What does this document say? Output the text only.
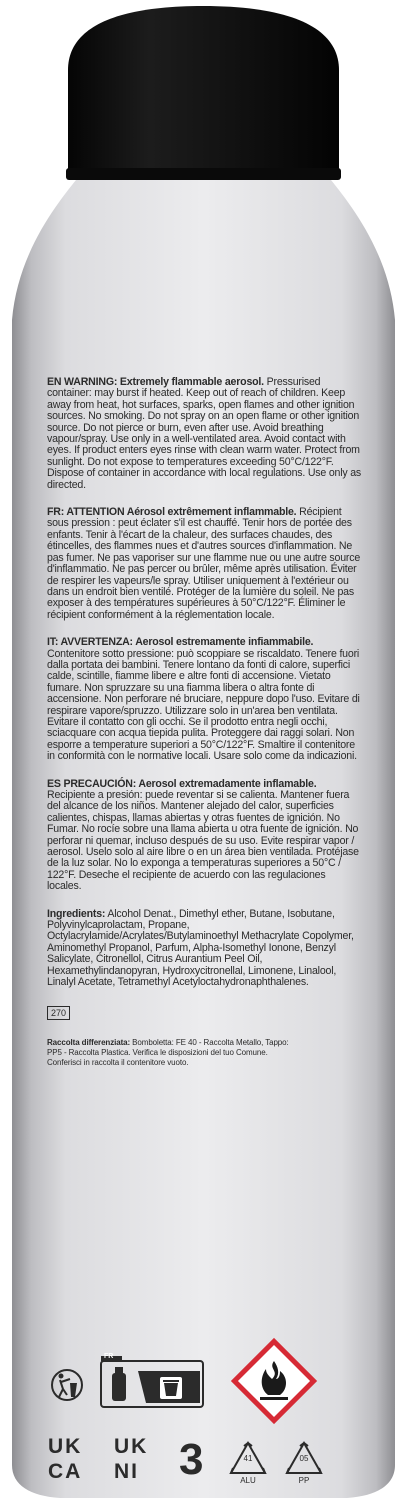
EN WARNING: Extremely flammable aerosol. Pressurised container: may burst if heated. Keep out of reach of children. Keep away from heat, hot surfaces, sparks, open flames and other ignition sources. No smoking. Do not spray on an open flame or other ignition source. Do not pierce or burn, even after use. Avoid breathing vapour/spray. Use only in a well-ventilated area. Avoid contact with eyes. If product enters eyes rinse with clean warm water. Protect from sunlight. Do not expose to temperatures exceeding 50°C/122°F. Dispose of container in accordance with local regulations. Use only as directed.
FR: ATTENTION Aérosol extrêmement inflammable. Récipient sous pression : peut éclater s'il est chauffé. Tenir hors de portée des enfants. Tenir à l'écart de la chaleur, des surfaces chaudes, des étincelles, des flammes nues et d'autres sources d'inflammation. Ne pas fumer. Ne pas vaporiser sur une flamme nue ou une autre source d'inflammatio. Ne pas percer ou brûler, même après utilisation. Éviter de respirer les vapeurs/le spray. Utiliser uniquement à l'extérieur ou dans un endroit bien ventilé. Protéger de la lumière du soleil. Ne pas exposer à des températures supérieures à 50°C/122°F. Éliminer le récipient conformément à la réglementation locale.
IT: AVVERTENZA: Aerosol estremamente infiammabile. Contenitore sotto pressione: può scoppiare se riscaldato. Tenere fuori dalla portata dei bambini. Tenere lontano da fonti di calore, superfici calde, scintille, fiamme libere e altre fonti di accensione. Vietato fumare. Non spruzzare su una fiamma libera o altra fonte di accensione. Non perforare né bruciare, neppure dopo l'uso. Evitare di respirare vapore/spruzzo. Utilizzare solo in un'area ben ventilata. Evitare il contatto con gli occhi. Se il prodotto entra negli occhi, sciacquare con acqua tiepida pulita. Proteggere dai raggi solari. Non esporre a temperature superiori a 50°C/122°F. Smaltire il contenitore in conformità con le normative locali. Usare solo come da indicazioni.
ES PRECAUCIÓN: Aerosol extremadamente inflamable. Recipiente a presión: puede reventar si se calienta. Mantener fuera del alcance de los niños. Mantener alejado del calor, superficies calientes, chispas, llamas abiertas y otras fuentes de ignición. No Fumar. No rocíe sobre una llama abierta u otra fuente de ignición. No perforar ni quemar, incluso después de su uso. Evite respirar vapor / aerosol. Uselo solo al aire libre o en un área bien ventilada. Protéjase de la luz solar. No lo exponga a temperaturas superiores a 50°C / 122°F. Deseche el recipiente de acuerdo con las regulaciones locales.
Ingredients: Alcohol Denat., Dimethyl ether, Butane, Isobutane, Polyvinylcaprolactam, Propane, Octylacrylamide/Acrylates/Butylaminoethyl Methacrylate Copolymer, Aminomethyl Propanol, Parfum, Alpha-Isomethyl Ionone, Benzyl Salicylate, Citronellol, Citrus Aurantium Peel Oil, Hexamethylindanopyran, Hydroxycitronellal, Limonene, Linalool, Linalyl Acetate, Tetramethyl Acetyloctahydronaphthalenes.
270
Raccolta differenziata: Bomboletta: FE 40 - Raccolta Metallo, Tappo: PP5 - Raccolta Plastica. Verifica le disposizioni del tuo Comune. Conferisci in raccolta il contenitore vuoto.
FR
UK
CA
UK
NI 3	41
ALU
05
PP
